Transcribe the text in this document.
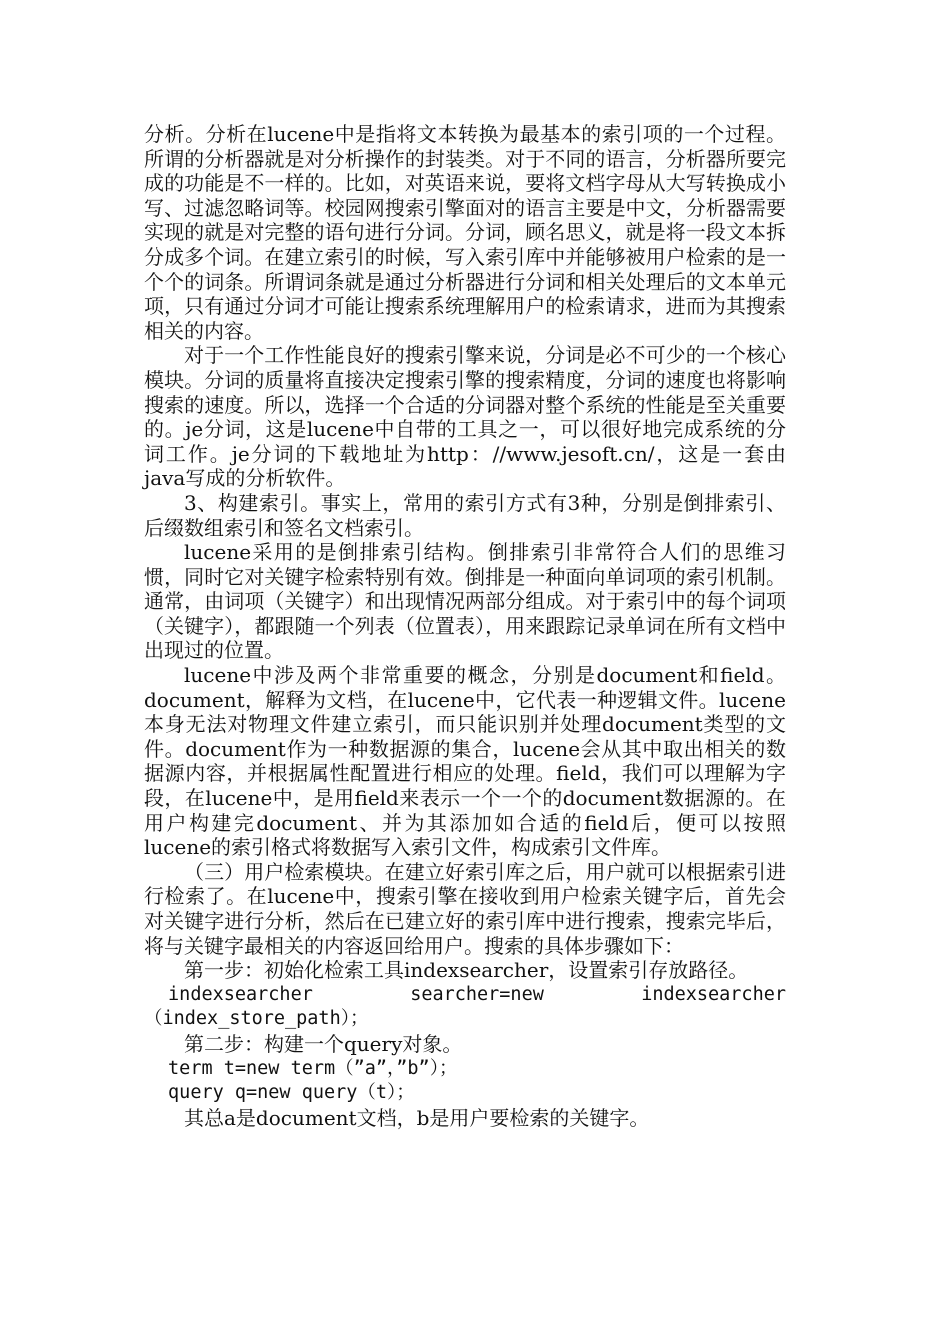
分析。分析在lucene中是指将文本转换为最基本的索引项的一个过程。所谓的分析器就是对分析操作的封装类。对于不同的语言，分析器所要完成的功能是不一样的。比如，对英语来说，要将文档字母从大写转换成小写、过滤忽略词等。校园网搜索引擎面对的语言主要是中文，分析器需要实现的就是对完整的语句进行分词。分词，顾名思义，就是将一段文本拆分成多个词。在建立索引的时候，写入索引库中并能够被用户检索的是一个个的词条。所谓词条就是通过分析器进行分词和相关处理后的文本单元项，只有通过分词才可能让搜索系统理解用户的检索请求，进而为其搜索相关的内容。

对于一个工作性能良好的搜索引擎来说，分词是必不可少的一个核心模块。分词的质量将直接决定搜索引擎的搜索精度，分词的速度也将影响搜索的速度。所以，选择一个合适的分词器对整个系统的性能是至关重要的。je分词，这是lucene中自带的工具之一，可以很好地完成系统的分词工作。je分词的下载地址为http：//www.jesoft.cn/，这是一套由java写成的分析软件。

3、构建索引。事实上，常用的索引方式有3种，分别是倒排索引、后缀数组索引和签名文档索引。

lucene采用的是倒排索引结构。倒排索引非常符合人们的思维习惯，同时它对关键字检索特别有效。倒排是一种面向单词项的索引机制。通常，由词项（关键字）和出现情况两部分组成。对于索引中的每个词项（关键字），都跟随一个列表（位置表），用来跟踪记录单词在所有文档中出现过的位置。

lucene中涉及两个非常重要的概念，分别是document和field。document，解释为文档，在lucene中，它代表一种逻辑文件。lucene本身无法对物理文件建立索引，而只能识别并处理document类型的文件。document作为一种数据源的集合，lucene会从其中取出相关的数据源内容，并根据属性配置进行相应的处理。field，我们可以理解为字段，在lucene中，是用field来表示一个一个的document数据源的。在用户构建完document、并为其添加如合适的field后，便可以按照lucene的索引格式将数据写入索引文件，构成索引文件库。

（三）用户检索模块。在建立好索引库之后，用户就可以根据索引进行检索了。在lucene中，搜索引擎在接收到用户检索关键字后，首先会对关键字进行分析，然后在已建立好的索引库中进行搜索，搜索完毕后，将与关键字最相关的内容返回给用户。搜索的具体步骤如下：

第一步：初始化检索工具indexsearcher，设置索引存放路径。

indexsearcher searcher=new indexsearcher（index_store_path）；

第二步：构建一个query对象。

term t=new term（”a”，”b”）；

query q=new query（t）；

其总a是document文档，b是用户要检索的关键字。
